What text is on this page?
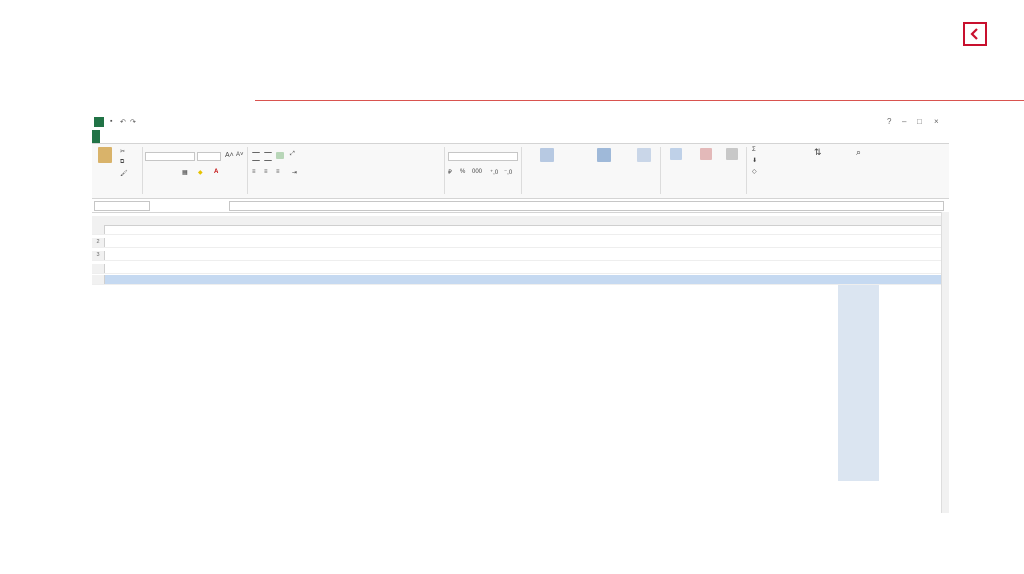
▪ ↶ ↷	? – □ ×
✂
⧉
🖌
A˄ A˅
▦ ◆ A
⤢
≡ ≡ ≡ ⇥	₽ % 000 ⁺,0 ⁻,0
Σ
⬇
◇
⇅	⌕
2
3
